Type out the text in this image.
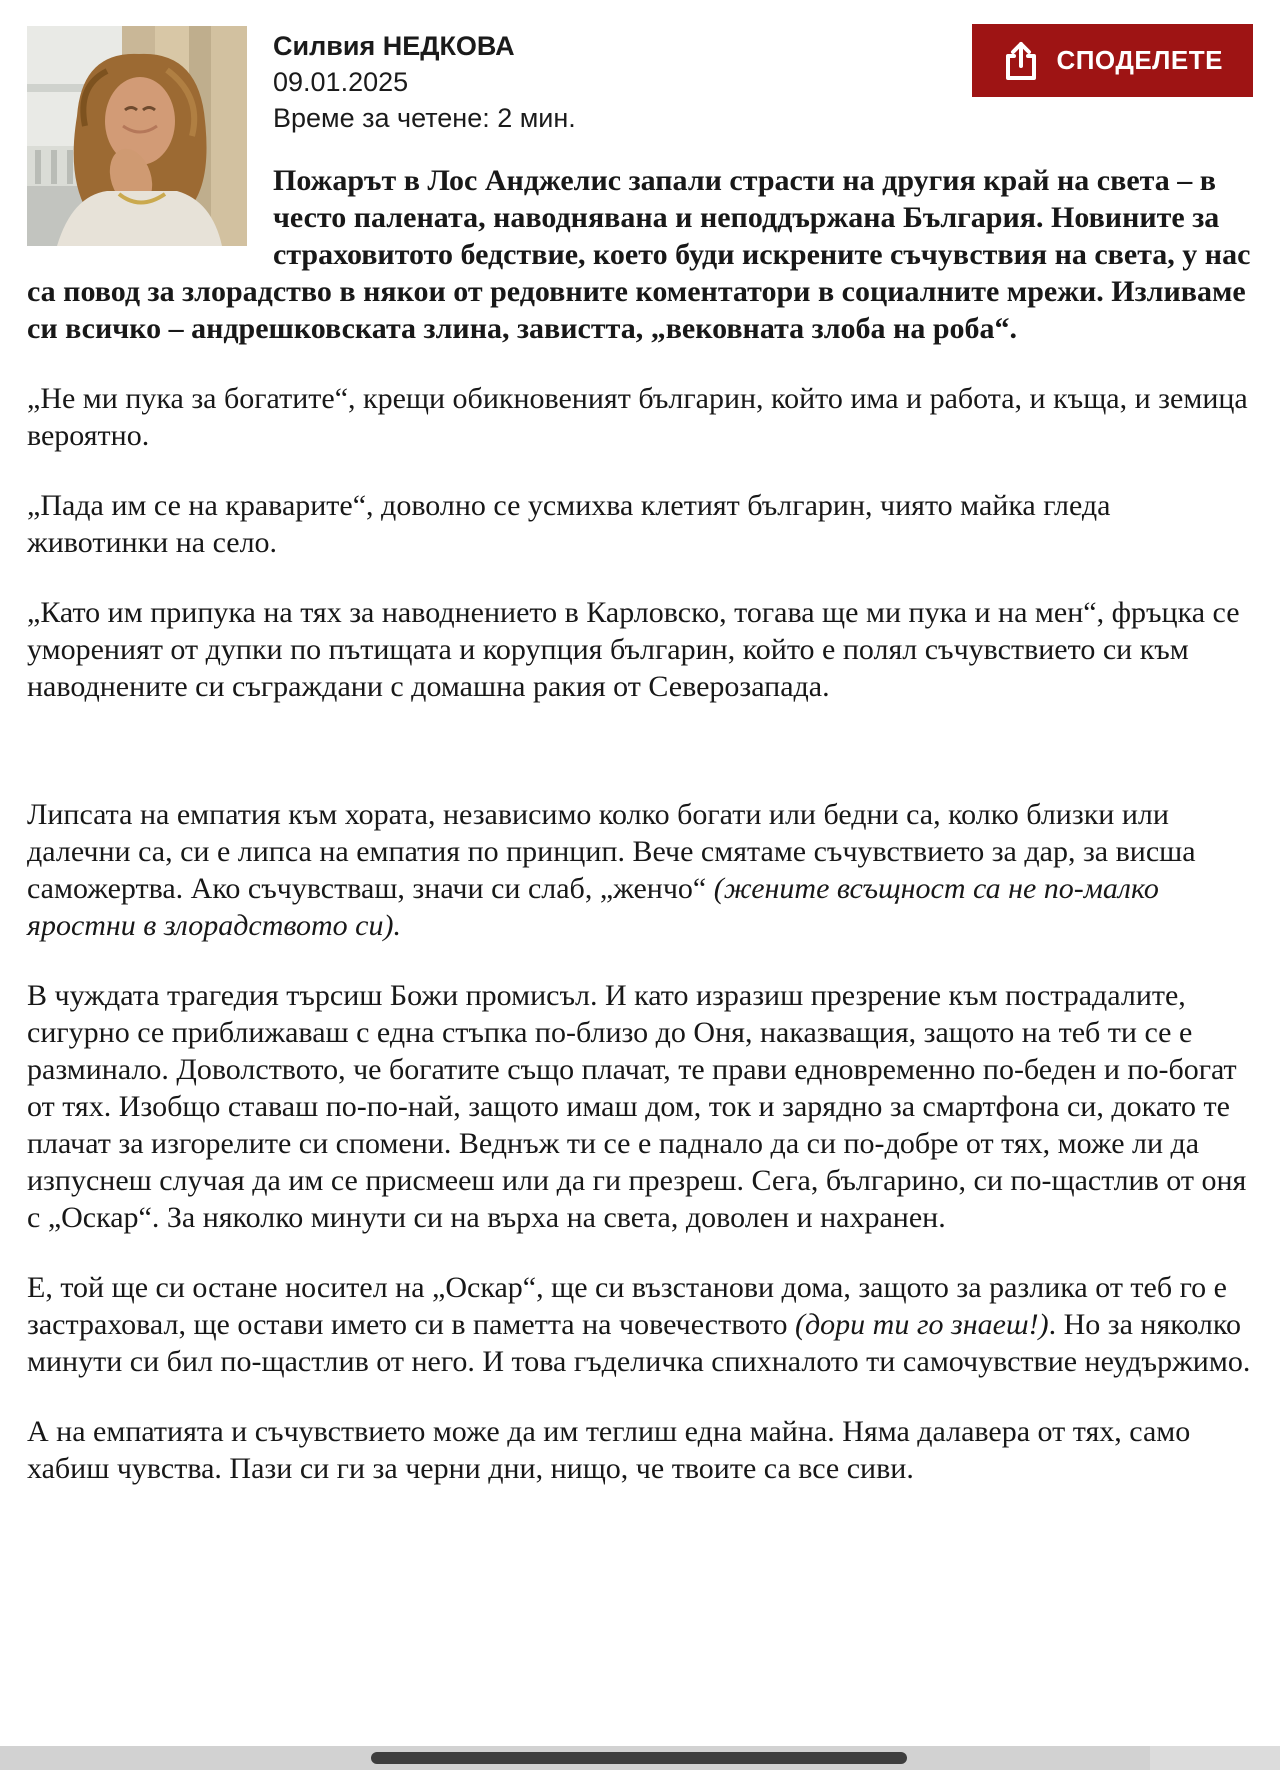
СПОДЕЛЕТЕ
Силвия НЕДКОВА
09.01.2025
Време за четене: 2 мин.

Пожарът в Лос Анджелис запали страсти на другия край на света – в често палената, наводнявана и неподдържана България. Новините за страховитото бедствие, което буди искрените съчувствия на света, у нас са повод за злорадство в някои от редовните коментатори в социалните мрежи. Изливаме си всичко – андрешковската злина, завистта, „вековната злоба на роба“.

„Не ми пука за богатите“, крещи обикновеният българин, който има и работа, и къща, и земица вероятно.

„Пада им се на краварите“, доволно се усмихва клетият българин, чиято майка гледа животинки на село.

„Като им припука на тях за наводнението в Карловско, тогава ще ми пука и на мен“, фръцка се умореният от дупки по пътищата и корупция българин, който е полял съчувствието си към наводнените си съграждани с домашна ракия от Северозапада.

Липсата на емпатия към хората, независимо колко богати или бедни са, колко близки или далечни са, си е липса на емпатия по принцип. Вече смятаме съчувствието за дар, за висша саможертва. Ако съчувстваш, значи си слаб, „женчо“ (жените всъщност са не по-малко яростни в злорадството си).

В чуждата трагедия търсиш Божи промисъл. И като изразиш презрение към пострадалите, сигурно се приближаваш с една стъпка по-близо до Оня, наказващия, защото на теб ти се е разминало. Доволството, че богатите също плачат, те прави едновременно по-беден и по-богат от тях. Изобщо ставаш по-по-най, защото имаш дом, ток и зарядно за смартфона си, докато те плачат за изгорелите си спомени. Веднъж ти се е паднало да си по-добре от тях, може ли да изпуснеш случая да им се присмееш или да ги презреш. Сега, българино, си по-щастлив от оня с „Оскар“. За няколко минути си на върха на света, доволен и нахранен.

Е, той ще си остане носител на „Оскар“, ще си възстанови дома, защото за разлика от теб го е застраховал, ще остави името си в паметта на човечеството (дори ти го знаеш!). Но за няколко минути си бил по-щастлив от него. И това гъделичка спихналото ти самочувствие неудържимо.

А на емпатията и съчувствието може да им теглиш една майна. Няма далавера от тях, само хабиш чувства. Пази си ги за черни дни, нищо, че твоите са все сиви.
